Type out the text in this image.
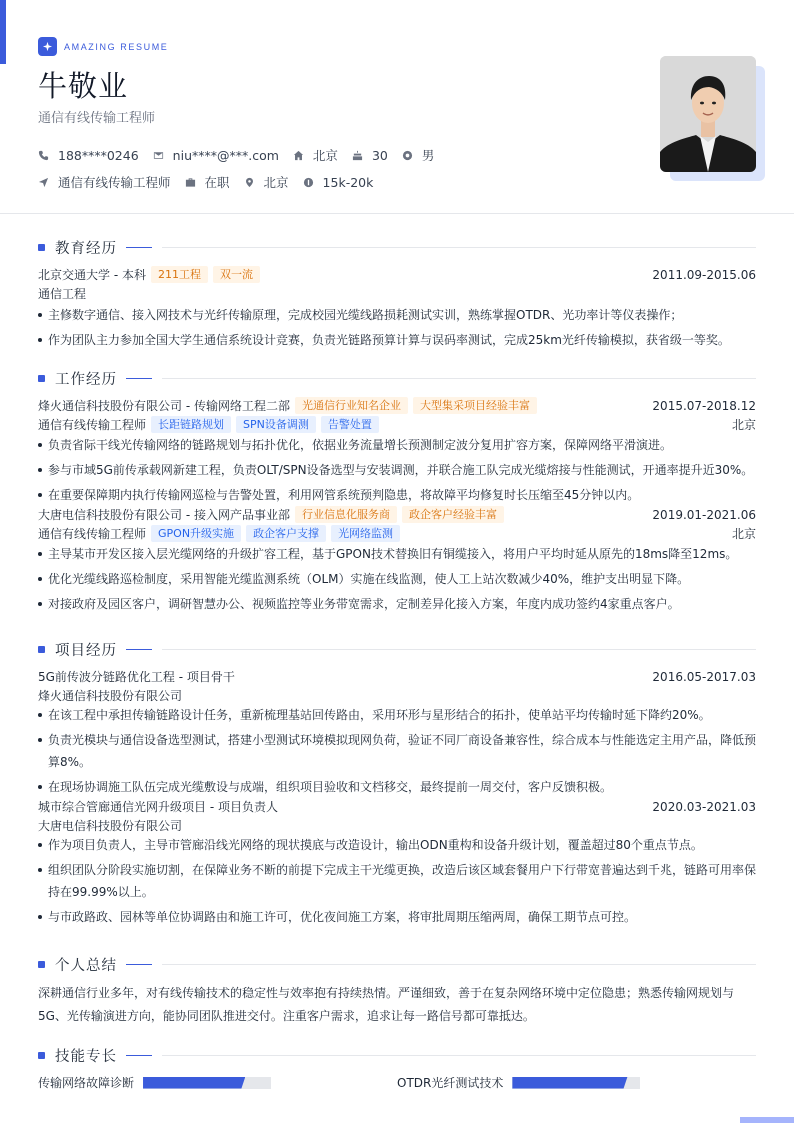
AMAZING RESUME
牛敬业
通信有线传输工程师
188****0246	niu****@***.com	北京	30	男
通信有线传输工程师	在职	北京	15k-20k
教育经历
北京交通大学 - 本科	211工程	双一流	2011.09-2015.06
通信工程
主修数字通信、接入网技术与光纤传输原理，完成校园光缆线路损耗测试实训，熟练掌握OTDR、光功率计等仪表操作；
作为团队主力参加全国大学生通信系统设计竞赛，负责光链路预算计算与误码率测试，完成25km光纤传输模拟，获省级一等奖。
工作经历
烽火通信科技股份有限公司 - 传输网络工程二部	光通信行业知名企业	大型集采项目经验丰富	2015.07-2018.12
通信有线传输工程师	长距链路规划	SPN设备调测	告警处置	北京
负责省际干线光传输网络的链路规划与拓扑优化，依据业务流量增长预测制定波分复用扩容方案，保障网络平滑演进。
参与市域5G前传承载网新建工程，负责OLT/SPN设备选型与安装调测，并联合施工队完成光缆熔接与性能测试，开通率提升近30%。
在重要保障期内执行传输网巡检与告警处置，利用网管系统预判隐患，将故障平均修复时长压缩至45分钟以内。
大唐电信科技股份有限公司 - 接入网产品事业部	行业信息化服务商	政企客户经验丰富	2019.01-2021.06
通信有线传输工程师	GPON升级实施	政企客户支撑	光网络监测	北京
主导某市开发区接入层光缆网络的升级扩容工程，基于GPON技术替换旧有铜缆接入，将用户平均时延从原先的18ms降至12ms。
优化光缆线路巡检制度，采用智能光缆监测系统（OLM）实施在线监测，使人工上站次数减少40%，维护支出明显下降。
对接政府及园区客户，调研智慧办公、视频监控等业务带宽需求，定制差异化接入方案，年度内成功签约4家重点客户。
项目经历
5G前传波分链路优化工程 - 项目骨干	2016.05-2017.03
烽火通信科技股份有限公司
在该工程中承担传输链路设计任务，重新梳理基站回传路由，采用环形与星形结合的拓扑，使单站平均传输时延下降约20%。
负责光模块与通信设备选型测试，搭建小型测试环境模拟现网负荷，验证不同厂商设备兼容性，综合成本与性能选定主用产品，降低预算8%。
在现场协调施工队伍完成光缆敷设与成端，组织项目验收和文档移交，最终提前一周交付，客户反馈积极。
城市综合管廊通信光网升级项目 - 项目负责人	2020.03-2021.03
大唐电信科技股份有限公司
作为项目负责人，主导市管廊沿线光网络的现状摸底与改造设计，输出ODN重构和设备升级计划，覆盖超过80个重点节点。
组织团队分阶段实施切割，在保障业务不断的前提下完成主干光缆更换，改造后该区域套餐用户下行带宽普遍达到千兆，链路可用率保持在99.99%以上。
与市政路政、园林等单位协调路由和施工许可，优化夜间施工方案，将审批周期压缩两周，确保工期节点可控。
个人总结

深耕通信行业多年，对有线传输技术的稳定性与效率抱有持续热情。严谨细致，善于在复杂网络环境中定位隐患；熟悉传输网规划与5G、光传输演进方向，能协同团队推进交付。注重客户需求，追求让每一路信号都可靠抵达。

技能专长
传输网络故障诊断	OTDR光纤测试技术
